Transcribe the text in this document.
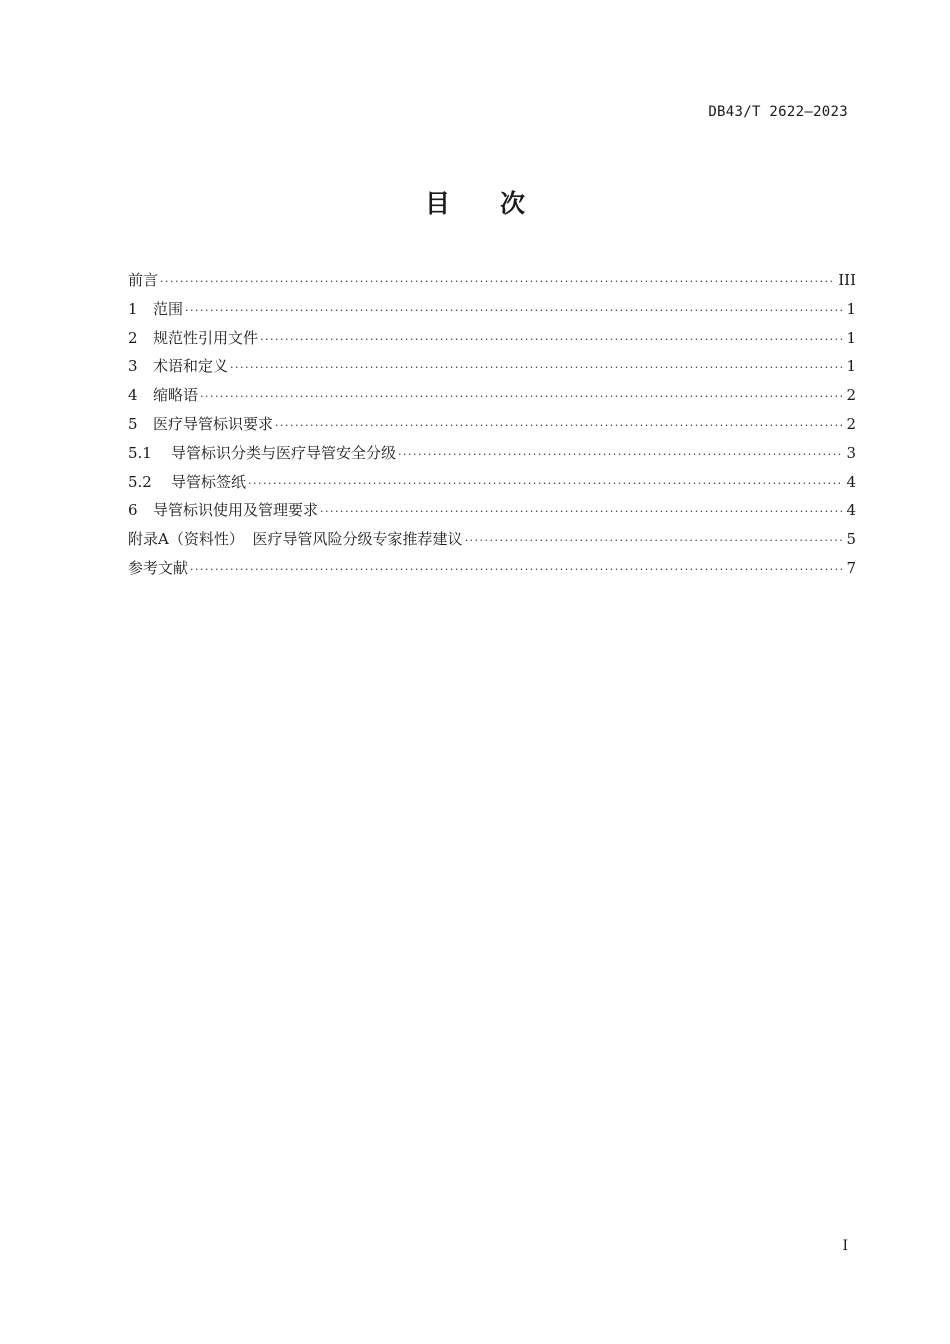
DB43/T 2622—2023
目 次
前言 ·····	III
1	范围 ·····	1
2	规范性引用文件 ·····	1
3	术语和定义 ·····	1
4	缩略语 ·····	2
5	医疗导管标识要求 ·····	2
5.1	导管标识分类与医疗导管安全分级 ·····	3
5.2	导管标签纸 ·····	4
6	导管标识使用及管理要求 ·····	4
附录A（资料性） 医疗导管风险分级专家推荐建议 ·····	5
参考文献 ·····	7
I
